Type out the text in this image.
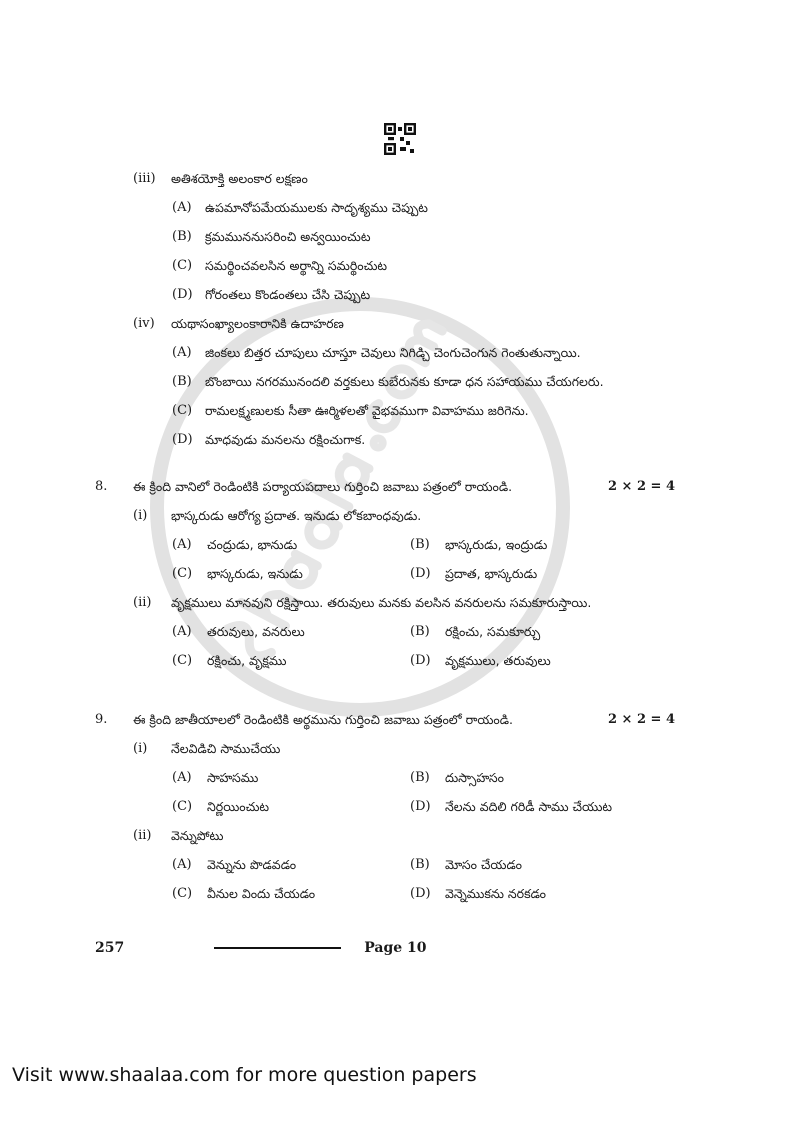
(iii)	అతిశయోక్తి అలంకార లక్షణం
(A)	ఉపమానోపమేయములకు సాదృశ్యము చెప్పుట
(B)	క్రమముననుసరించి అన్వయించుట
(C)	సమర్థించవలసిన అర్థాన్ని సమర్థించుట
(D) గోరంతలు కొండంతలు చేసి చెప్పుట
(iv)	యథాసంఖ్యాలంకారానికి ఉదాహరణ
(A)	జింకలు బిత్తర చూపులు చూస్తూ చెవులు నిగిడ్చి చెంగుచెంగున గెంతుతున్నాయి.
(B)	బొంబాయి నగరమునందలి వర్తకులు కుబేరునకు కూడా ధన సహాయము చేయగలరు.
(C)	రామలక్ష్మణులకు సీతా ఊర్మిళలతో వైభవముగా వివాహము జరిగెను.
(D) మాధవుడు మనలను రక్షించుగాక.
8.	ఈ క్రింది వానిలో రెండింటికి పర్యాయపదాలు గుర్తించి జవాబు పత్రంలో రాయండి.	2 × 2 = 4
(i)	భాస్కరుడు ఆరోగ్య ప్రదాత. ఇనుడు లోకబాంధవుడు.
(A)	చంద్రుడు, భానుడు	(B)	భాస్కరుడు, ఇంద్రుడు
(C)	భాస్కరుడు, ఇనుడు	(D)	ప్రదాత, భాస్కరుడు
(ii)	వృక్షములు మానవుని రక్షిస్తాయి. తరువులు మనకు వలసిన వనరులను సమకూరుస్తాయి.
(A)	తరువులు, వనరులు	(B)	రక్షించు, సమకూర్చు
(C)	రక్షించు, వృక్షము	(D)	వృక్షములు, తరువులు
9.	ఈ క్రింది జాతీయాలలో రెండింటికి అర్థమును గుర్తించి జవాబు పత్రంలో రాయండి.	2 × 2 = 4
(i)	నేలవిడిచి సాముచేయు
(A)	సాహసము	(B)	దుస్సాహసం
(C)	నిర్ణయించుట	(D)	నేలను వదిలి గరిడీ సాము చేయుట
(ii)	వెన్నుపోటు
(A)	వెన్నును పొడవడం	(B)	మోసం చేయడం
(C)	వీనుల విందు చేయడం	(D)	వెన్నెముకను నరకడం
257	Page 10
Visit www.shaalaa.com for more question papers
